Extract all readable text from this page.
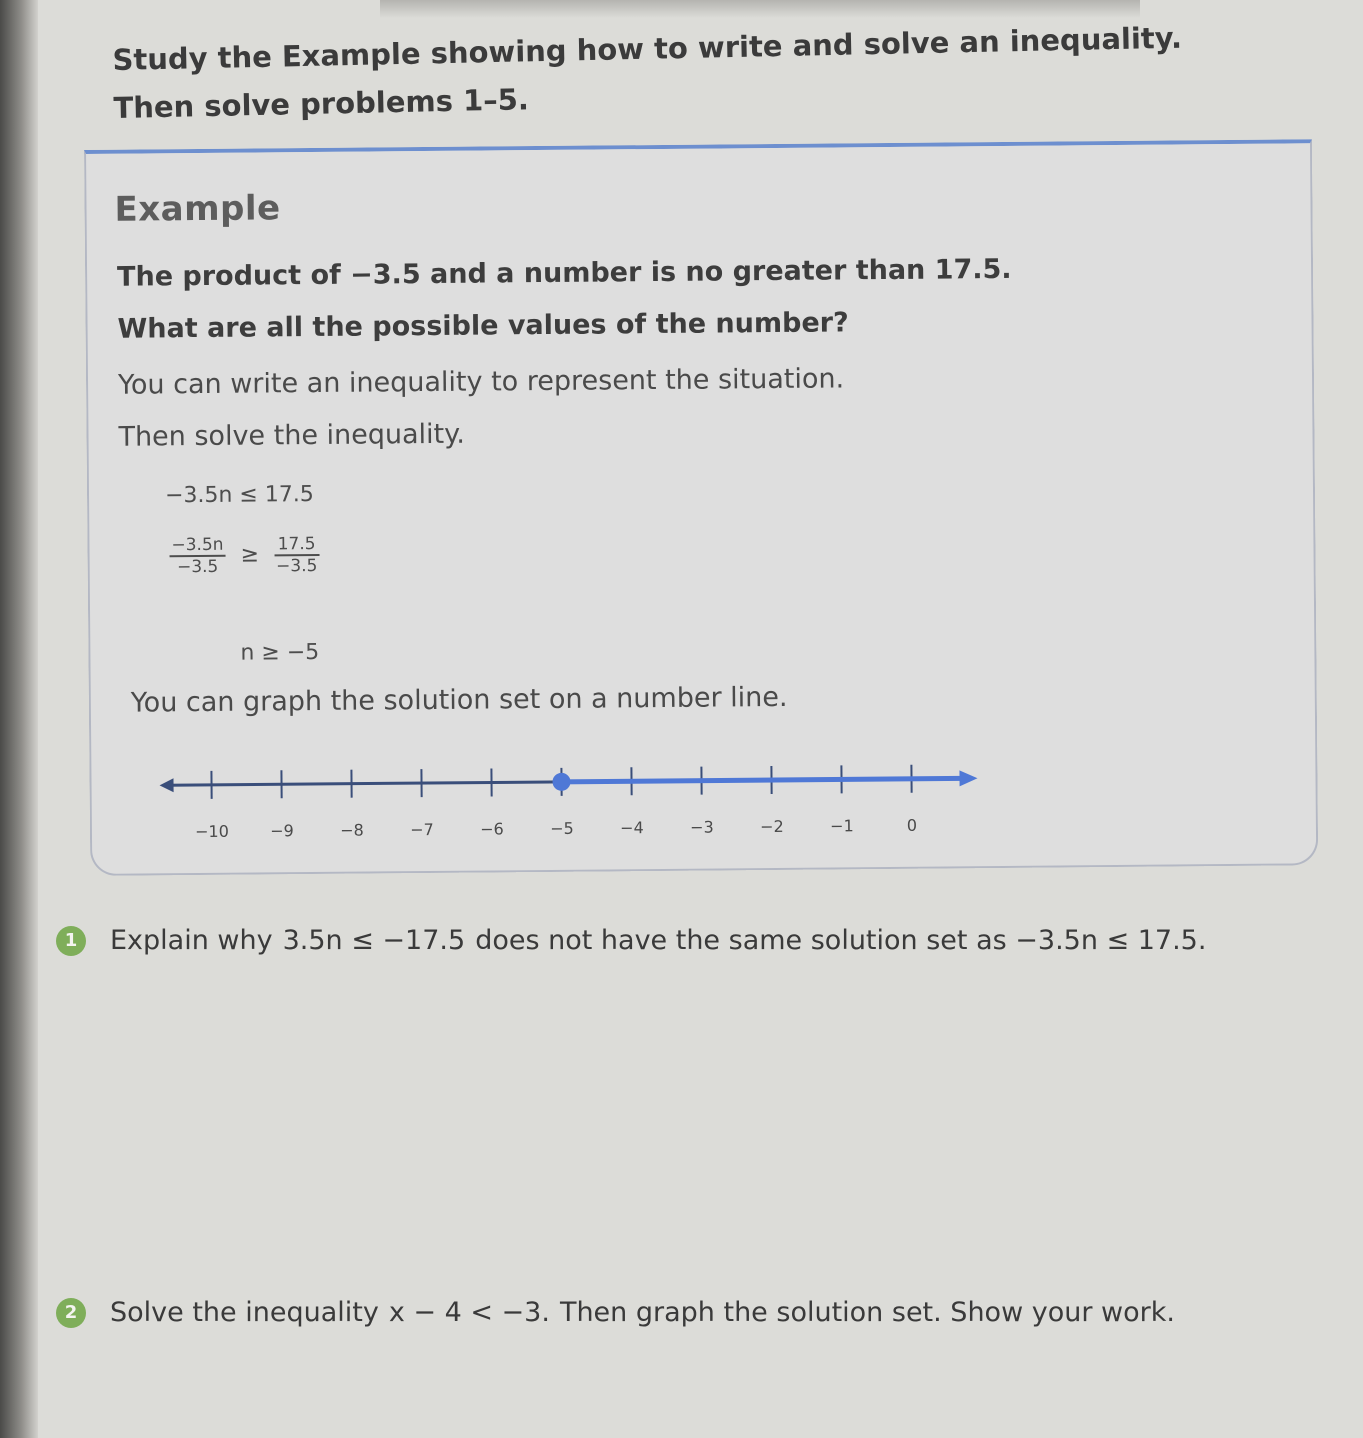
Study the Example showing how to write and solve an inequality.
Then solve problems 1–5.
Example
The product of −3.5 and a number is no greater than 17.5.
What are all the possible values of the number?
You can write an inequality to represent the situation.
Then solve the inequality.
−3.5n ≤ 17.5
$\frac{-3.5n}{-3.5} \ge \frac{17.5}{-3.5}$
n ≥ −5
You can graph the solution set on a number line.
−10	−9	−8	−7	−6	−5	−4	−3	−2	−1	0
1 Explain why 3.5n ≤ −17.5 does not have the same solution set as −3.5n ≤ 17.5.
2 Solve the inequality x − 4 < −3. Then graph the solution set. Show your work.
